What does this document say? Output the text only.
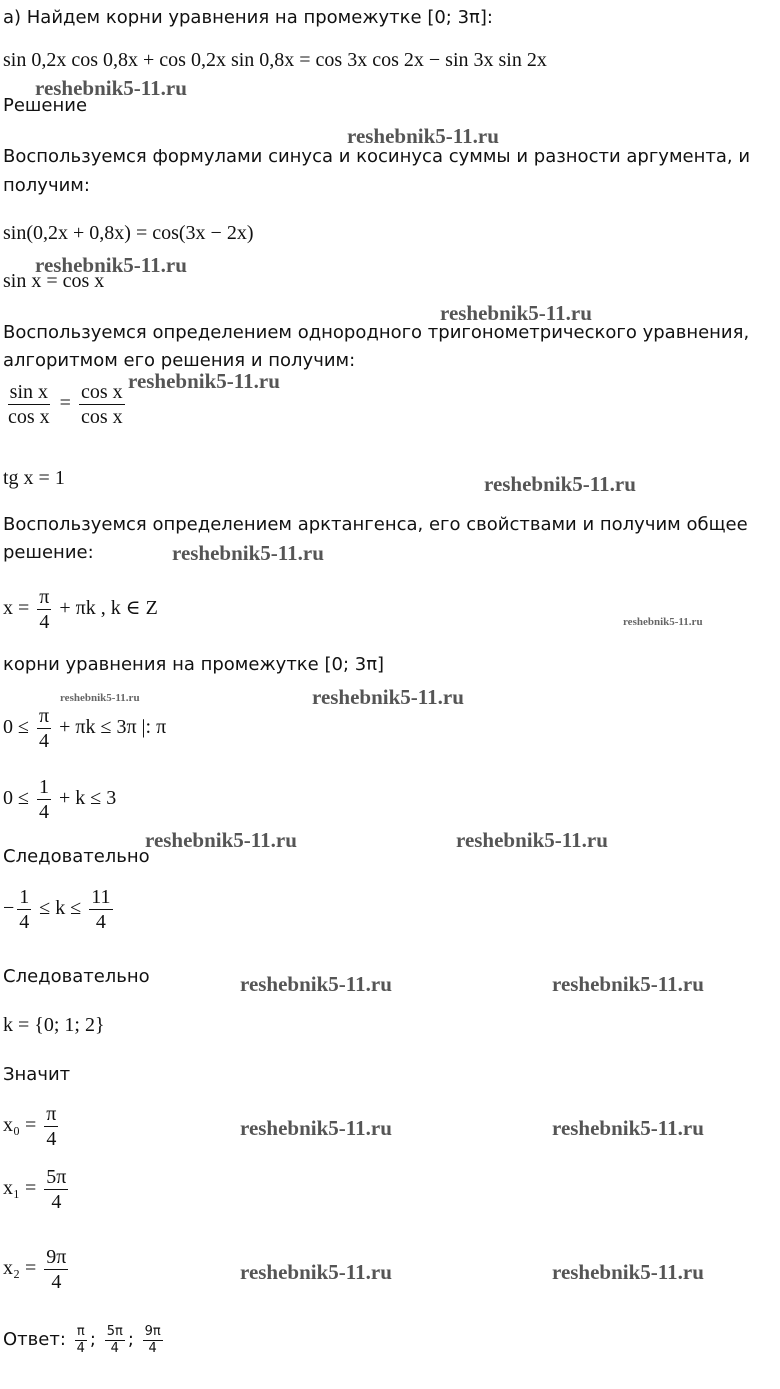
а) Найдем корни уравнения на промежутке [0; 3π]:
sin 0,2x cos 0,8x + cos 0,2x sin 0,8x = cos 3x cos 2x − sin 3x sin 2x
Решение
Воспользуемся формулами синуса и косинуса суммы и разности аргумента, и
получим:
sin(0,2x + 0,8x) = cos(3x − 2x)
sin x = cos x
Воспользуемся определением однородного тригонометрического уравнения,
алгоритмом его решения и получим:
$\frac{\text{sin x}}{\text{cos x}} = \frac{\text{cos x}}{\text{cos x}}$
tg x = 1
Воспользуемся определением арктангенса, его свойствами и получим общее
решение:
$x = \frac{\pi}{4} + \pi k$ , k ∈ Z
корни уравнения на промежутке [0; 3π]
$0 \le \frac{\pi}{4} + \pi k \le 3\pi$ |: π
$0 \le \frac{1}{4} + k \le 3$
Следовательно
− $\frac{1}{4} \le k \le \frac{11}{4}$
Следовательно
k = {0; 1; 2}
Значит
$x_0 = \frac{\pi}{4}$
$x_1 = \frac{5\pi}{4}$
$x_2 = \frac{9\pi}{4}$
Ответ: $\frac{\pi}{4}$ ; $\frac{5\pi}{4}$ ; $\frac{9\pi}{4}$
reshebnik5-11.ru
reshebnik5-11.ru
reshebnik5-11.ru
reshebnik5-11.ru
reshebnik5-11.ru
reshebnik5-11.ru
reshebnik5-11.ru
reshebnik5-11.ru
reshebnik5-11.ru	reshebnik5-11.ru
reshebnik5-11.ru	reshebnik5-11.ru
reshebnik5-11.ru	reshebnik5-11.ru
reshebnik5-11.ru	reshebnik5-11.ru
reshebnik5-11.ru	reshebnik5-11.ru
